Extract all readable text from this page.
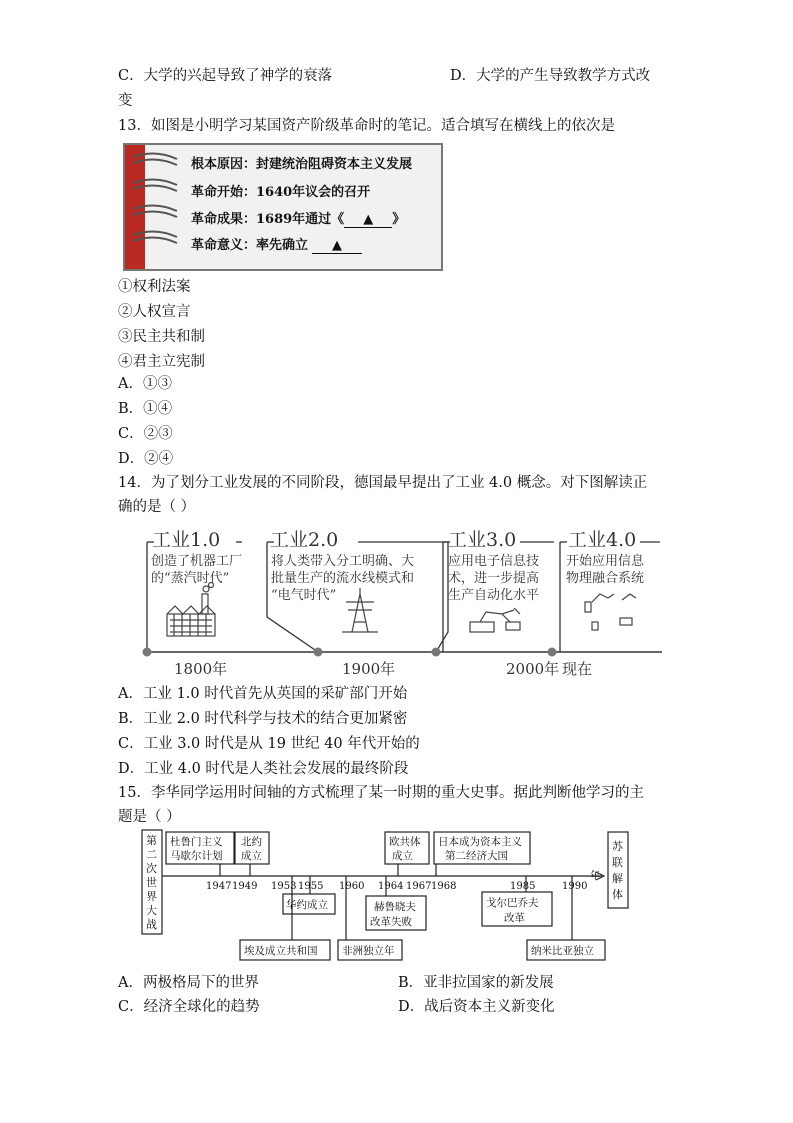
C．大学的兴起导致了神学的衰落	D．大学的产生导致教学方式改
变
13．如图是小明学习某国资产阶级革命时的笔记。适合填写在横线上的依次是
根本原因：封建统治阻碍资本主义发展
革命开始：1640年议会的召开
革命成果：1689年通过《 ▲ 》
革命意义：率先确立 ▲
①权利法案
②人权宣言
③民主共和制
④君主立宪制
A．①③
B．①④
C．②③
D．②④
14．为了划分工业发展的不同阶段，德国最早提出了工业 4.0 概念。对下图解读正
确的是（ ）
工业1.0	工业2.0	工业3.0	工业4.0
创造了机器工厂
的“蒸汽时代”
将人类带入分工明确、大
批量生产的流水线模式和
“电气时代”
应用电子信息技
术，进一步提高
生产自动化水平
开始应用信息
物理融合系统
1800年	1900年	2000年 现在
A．工业 1.0 时代首先从英国的采矿部门开始
B．工业 2.0 时代科学与技术的结合更加紧密
C．工业 3.0 时代是从 19 世纪 40 年代开始的
D．工业 4.0 时代是人类社会发展的最终阶段
15．李华同学运用时间轴的方式梳理了某一时期的重大史事。据此判断他学习的主
题是（ ）
第
二
次
世
界
大
战
苏
联
解
体
杜鲁门主义
马歇尔计划
北约
成立
欧共体
成立
日本成为资本主义
第二经济大国
华约成立	赫鲁晓夫
改革失败
戈尔巴乔夫
改革
埃及成立共和国 非洲独立年	纳米比亚独立
1947 1949 1953 1955 1960 1964 1967 1968	1985	1990
年
A．两极格局下的世界	B．亚非拉国家的新发展
C．经济全球化的趋势	D．战后资本主义新变化
